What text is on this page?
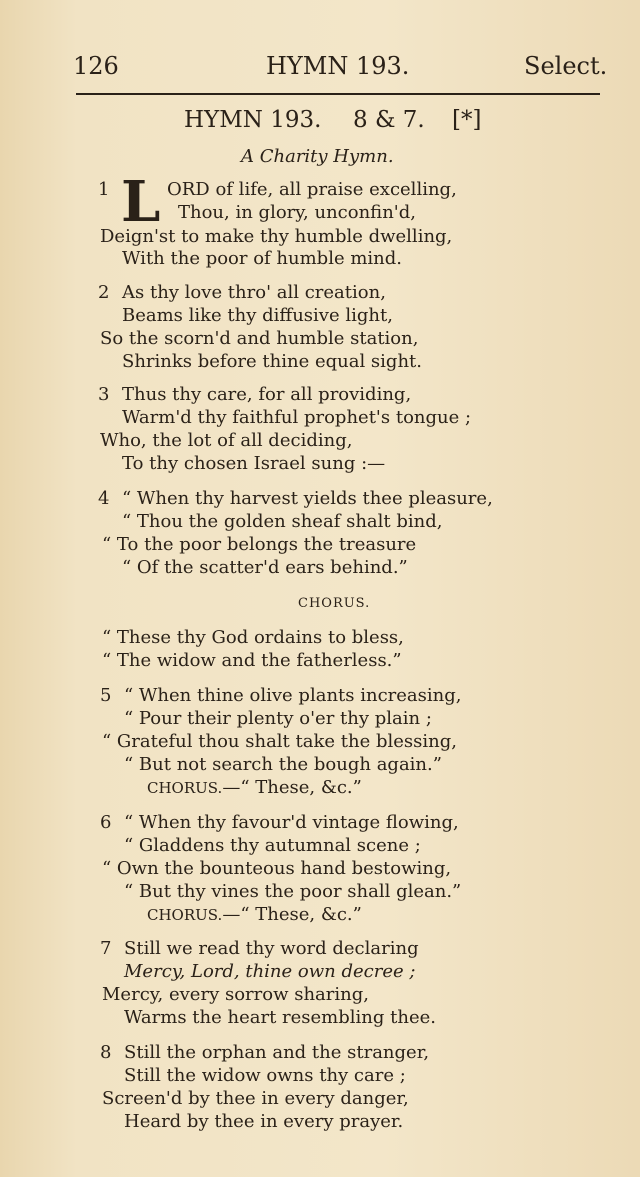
126	HYMN 193.	Select.
HYMN 193. 8 & 7. [*]
A Charity Hymn.
1 L ORD of life, all praise excelling,
Thou, in glory, unconfin'd,
Deign'st to make thy humble dwelling,
With the poor of humble mind.
2 As thy love thro' all creation,
Beams like thy diffusive light,
So the scorn'd and humble station,
Shrinks before thine equal sight.
3 Thus thy care, for all providing,
Warm'd thy faithful prophet's tongue ;
Who, the lot of all deciding,
To thy chosen Israel sung :—
4 “ When thy harvest yields thee pleasure,
“ Thou the golden sheaf shalt bind,
“ To the poor belongs the treasure
“ Of the scatter'd ears behind.”
CHORUS.
“ These thy God ordains to bless,
“ The widow and the fatherless.”
5 “ When thine olive plants increasing,
“ Pour their plenty o'er thy plain ;
“ Grateful thou shalt take the blessing,
“ But not search the bough again.”
CHORUS.—“ These, &c.”
6 “ When thy favour'd vintage flowing,
“ Gladdens thy autumnal scene ;
“ Own the bounteous hand bestowing,
“ But thy vines the poor shall glean.”
CHORUS.—“ These, &c.”
7 Still we read thy word declaring
Mercy, Lord, thine own decree ;
Mercy, every sorrow sharing,
Warms the heart resembling thee.
8 Still the orphan and the stranger,
Still the widow owns thy care ;
Screen'd by thee in every danger,
Heard by thee in every prayer.
